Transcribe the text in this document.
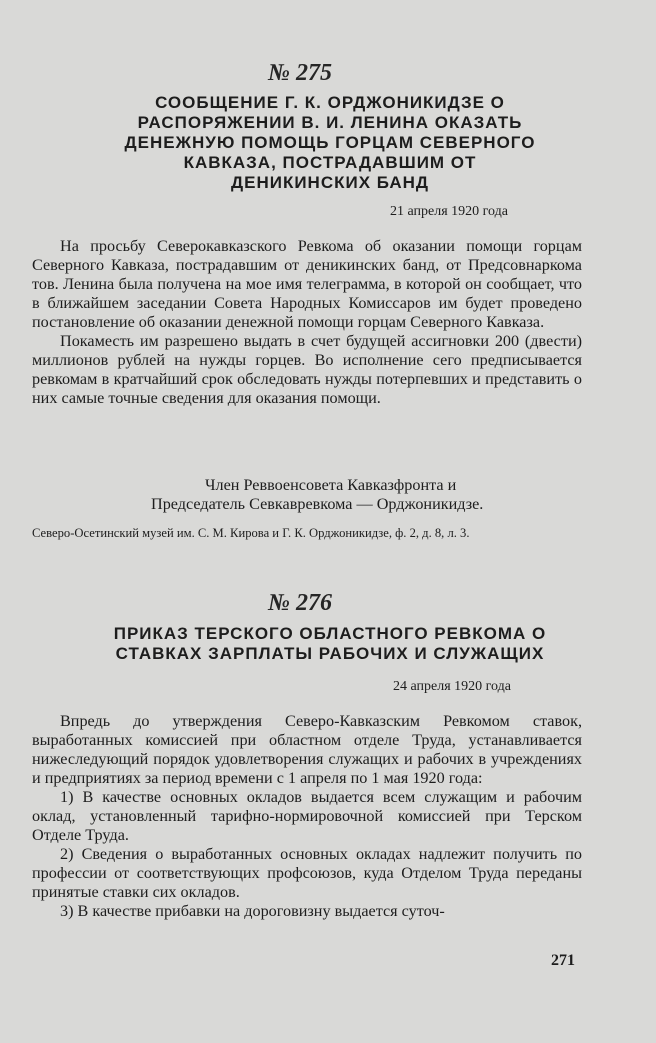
№ 275
СООБЩЕНИЕ Г. К. ОРДЖОНИКИДЗЕ О
РАСПОРЯЖЕНИИ В. И. ЛЕНИНА ОКАЗАТЬ
ДЕНЕЖНУЮ ПОМОЩЬ ГОРЦАМ СЕВЕРНОГО
КАВКАЗА, ПОСТРАДАВШИМ ОТ
ДЕНИКИНСКИХ БАНД
21 апреля 1920 года

На просьбу Северокавказского Ревкома об оказании помощи горцам Северного Кавказа, пострадавшим от деникинских банд, от Предсовнаркома тов. Ленина была получена на мое имя телеграмма, в которой он сообщает, что в ближайшем заседании Совета Народных Комиссаров им будет проведено постановление об оказании денежной помощи горцам Северного Кавказа.

Покаместь им разрешено выдать в счет будущей ассигновки 200 (двести) миллионов рублей на нужды горцев. Во исполнение сего предписывается ревкомам в кратчайший срок обследовать нужды потерпевших и представить о них самые точные сведения для оказания помощи.

Член Реввоенсовета Кавказфронта и
Председатель Севкавревкома — Орджоникидзе.
Северо-Осетинский музей им. С. М. Кирова и Г. К. Орджоникидзе, ф. 2, д. 8, л. 3.
№ 276
ПРИКАЗ ТЕРСКОГО ОБЛАСТНОГО РЕВКОМА О
СТАВКАХ ЗАРПЛАТЫ РАБОЧИХ И СЛУЖАЩИХ
24 апреля 1920 года

Впредь до утверждения Северо-Кавказским Ревкомом ставок, выработанных комиссией при областном отделе Труда, устанавливается нижеследующий порядок удовлетворения служащих и рабочих в учреждениях и предприятиях за период времени с 1 апреля по 1 мая 1920 года:

1) В качестве основных окладов выдается всем служащим и рабочим оклад, установленный тарифно-нормировочной комиссией при Терском Отделе Труда.

2) Сведения о выработанных основных окладах надлежит получить по профессии от соответствующих профсоюзов, куда Отделом Труда переданы принятые ставки сих окладов.

3) В качестве прибавки на дороговизну выдается суточ-

271
